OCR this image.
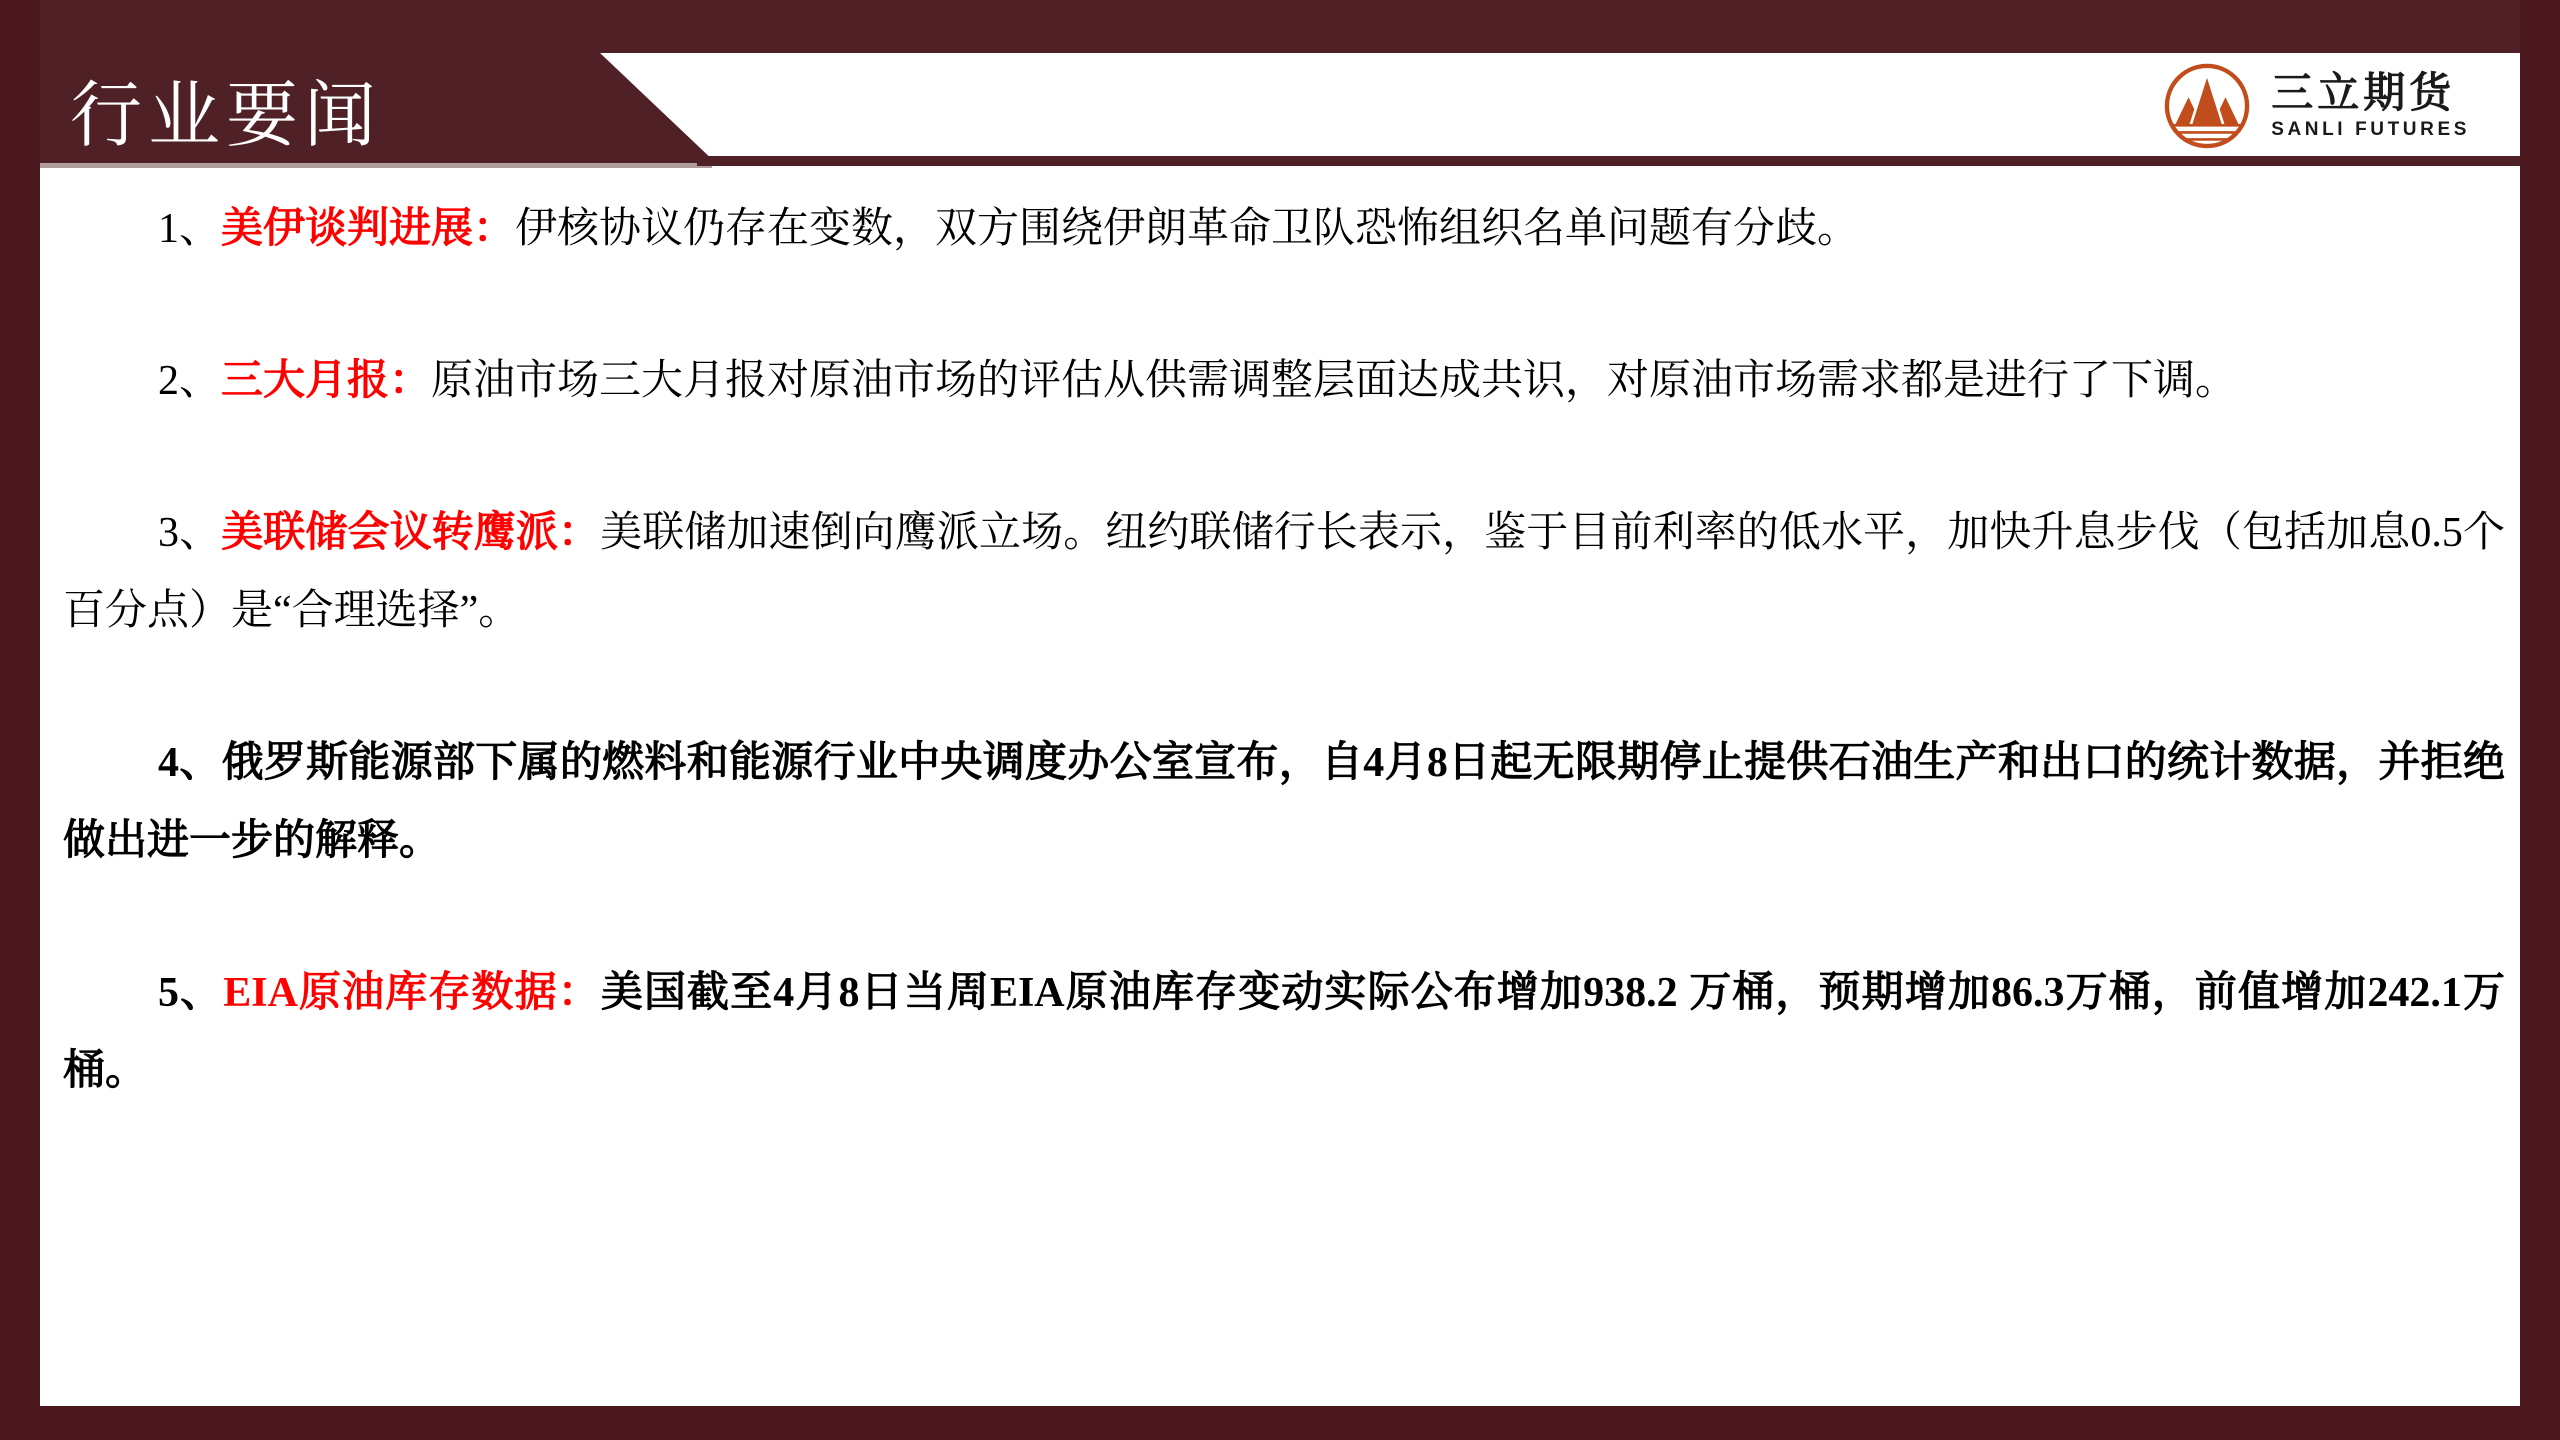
行业要闻	三立期货
SANLI FUTURES

1、美伊谈判进展：伊核协议仍存在变数，双方围绕伊朗革命卫队恐怖组织名单问题有分歧。

2、三大月报：原油市场三大月报对原油市场的评估从供需调整层面达成共识，对原油市场需求都是进行了下调。

3、美联储会议转鹰派：美联储加速倒向鹰派立场。纽约联储行长表示，鉴于目前利率的低水平，加快升息步伐（包括加息0.5个百分点）是“合理选择”。

4、俄罗斯能源部下属的燃料和能源行业中央调度办公室宣布，自4月8日起无限期停止提供石油生产和出口的统计数据，并拒绝做出进一步的解释。

5、EIA原油库存数据：美国截至4月8日当周EIA原油库存变动实际公布增加938.2 万桶，预期增加86.3万桶，前值增加242.1万桶。
